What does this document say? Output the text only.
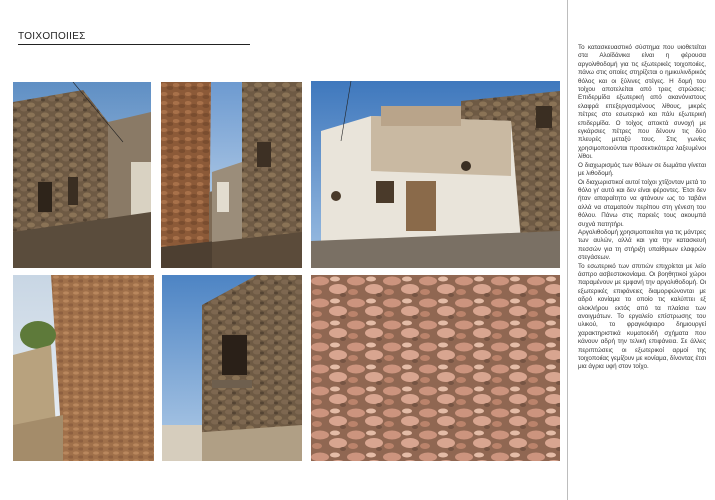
ΤΟΙΧΟΠΟΙΙΕΣ

Το κατασκευαστικό σύστημα που υιοθετείται στα Αλοϊδάνικα είναι η φέρουσα αργολιθοδομή για τις εξωτερικές τοιχοποιίες, πάνω στις οποίες στηρίζεται ο ημικυλινδρικός θόλος και οι ξύλινες στέγες. Η δομή του τοίχου αποτελείται από τρεις στρώσεις: Επιδερμίδα εξωτερική από ακανόνιστους ελαφρά επεξεργασμένους λίθους, μικρές πέτρες στο εσωτερικό και πάλι εξωτερική επιδερμίδα. Ο τοίχος αποκτά συνοχή με εγκάρσιες πέτρες που δένουν τις δύο πλευρές μεταξύ τους. Στις γωνίες χρησιμοποιούνται προσεκτικότερα λαξευμένοι λίθοι.

Ο διαχωρισμός των θόλων σε δωμάτια γίνεται με λιθοδομή.

Οι διαχωριστικοί αυτοί τοίχοι χτίζονταν μετά το θόλο γι' αυτό και δεν είναι φέροντες. Έτσι δεν ήταν απαραίτητο να φτάνουν ως το ταβάνι αλλά να σταματούν περίπου στη γένεση του θόλου. Πάνω στις παρειές τους ακουμπά συχνά πατητήρι.

Αργολιθοδομή χρησιμοποιείται για τις μάντρες των αυλών, αλλά και για την κατασκευή πεσσών για τη στήριξη υπαίθριων ελαφρών στεγάσεων.

Το εσωτερικό των σπιτιών επιχρίεται με λείο άσπρο ασβεστοκονίαμα. Οι βοηθητικοί χώροι παραμένουν με εμφανή την αργολιθοδομή. Οι εξωτερικές επιφάνειες διαμορφώνονται με αδρό κονίαμα το οποίο τις καλύπτει εξ ολοκλήρου εκτός από τα πλαίσια των ανοιγμάτων. Το εργαλείο επίστρωσης του υλικού, το φραγκόψιαρο δημιουργεί χαρακτηριστικά κυματοειδή σχήματα που κάνουν αδρή την τελική επιφάνεια. Σε άλλες περιπτώσεις οι εξωτερικοί αρμοί της τοιχοποιίας γεμίζουν με κονίαμα, δίνοντας έτσι μια άγρια υφή στον τοίχο.
